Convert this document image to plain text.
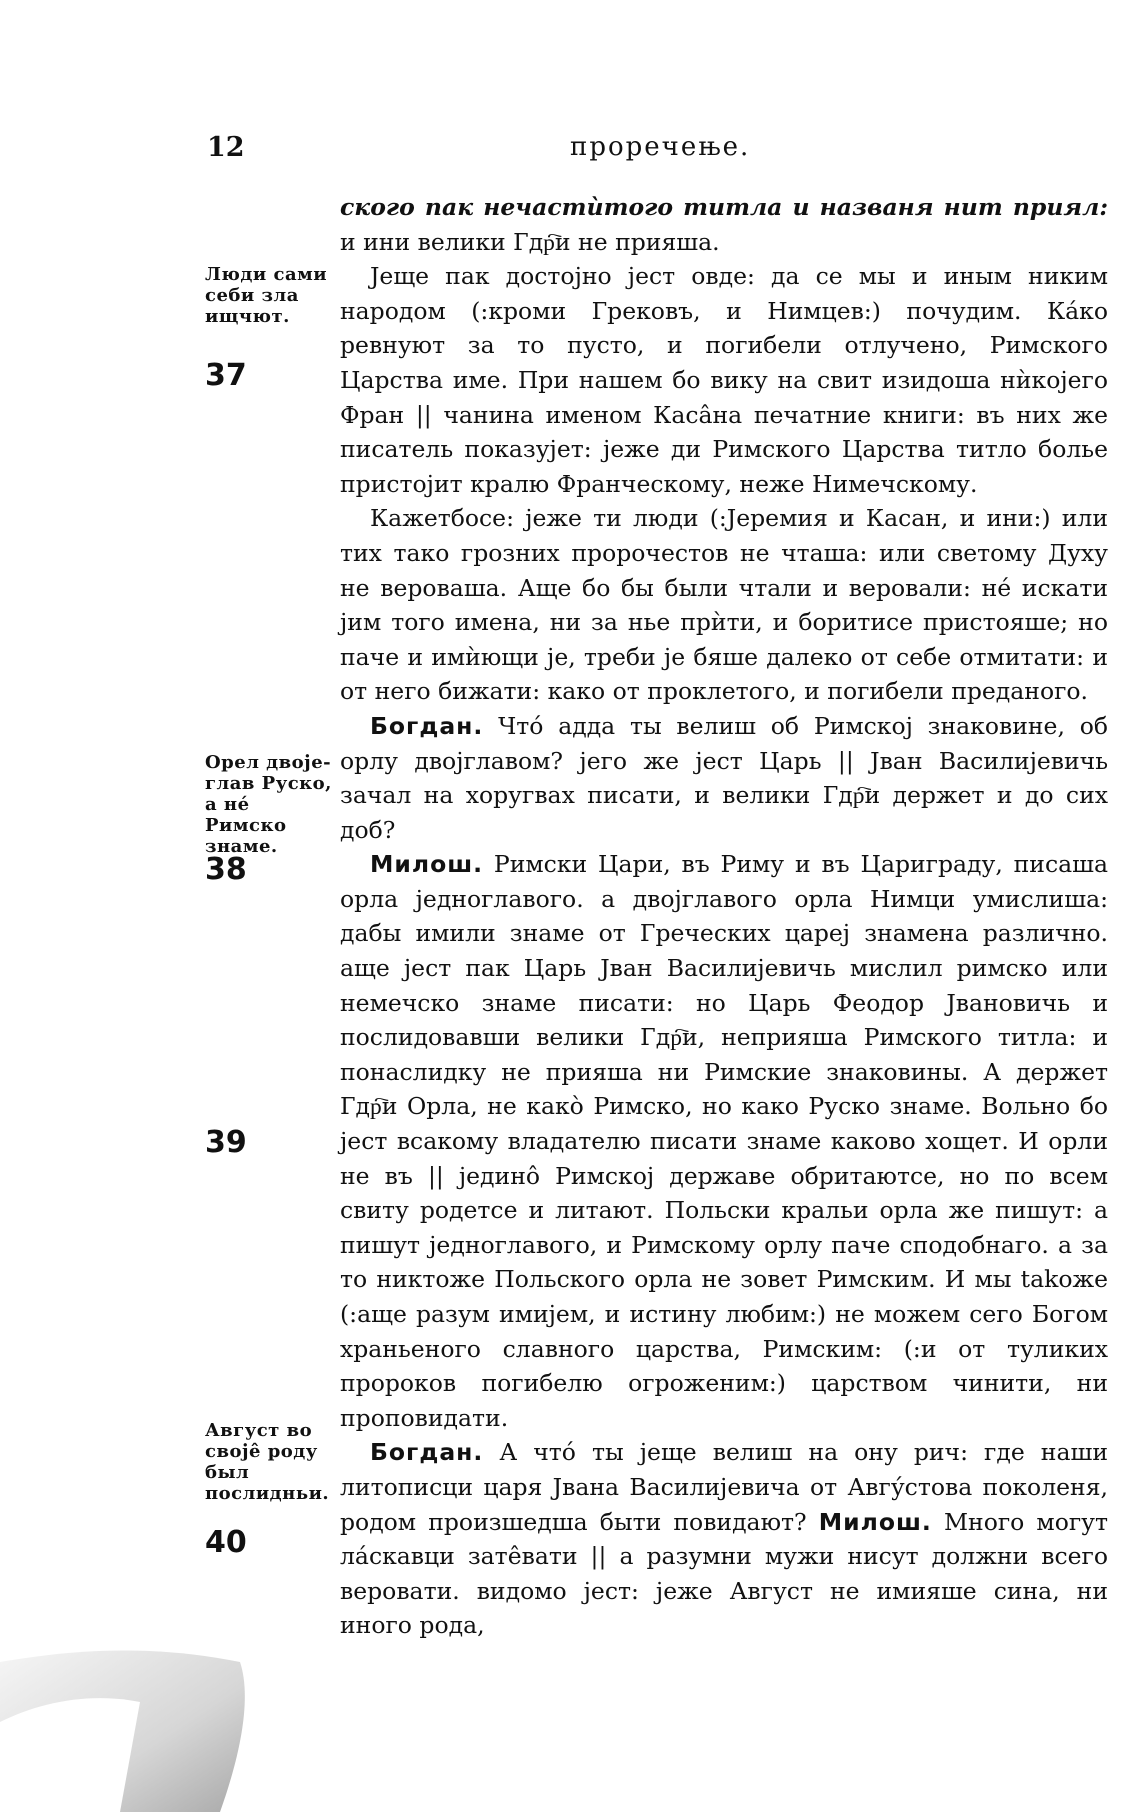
12	проречење.

ского пак нечастѝтого титла и названя нит приял: и ини велики Гдр҇и не прияша.

Јеще пак достојно јест овде: да се мы и иным никим народом (:кроми Грековъ, и Нимцев:) почудим. Ка́ко ревнуют за то пусто, и погибели отлучено, Римского Царства име. При нашем бо вику на свит изидоша нѝкојего Фран || чанина именом Каса̂на печатние книги: въ них же писатель показујет: јеже ди Римского Царства титло болье пристојит кралю Франческому, неже Нимечскому.

Кажетбосе: јеже ти люди (:Јеремия и Касан, и ини:) или тих тако грозних пророчестов не чташа: или светому Духу не вероваша. Аще бо бы были чтали и вероʙали: не́ искати јим того имена, ни за нье прѝти, и боритисе пристояше; но паче и имѝющи је, треби је бяше далеко от себе отмитати: и от него бижати: како от проклетого, и погибели преданого.

Богдан. Что́ адда ты велиш об Римској знаковине, об орлу двојглавом? јего же јест Царь || Јван Василијевичь зачал на хоругвах писати, и велики Гдр҇и держет и до сих доб?

Милош. Римски Цари, въ Риму и въ Цариграду, писаша орла једноглавого. а двојглавого орла Нимци умислиша: дабы имили знаме от Греческих царej знамена различно. аще јест пак Царь Јван Василијевичь мислил римско или немечско знаме писати: но Царь Феодор Јвановичь и послидовавши велики Гдр҇и, неприяша Римского титла: и понаслидку не прияша ни Римские знаковины. А держет Гдр҇и Орла, не како̀ Римско, но како Руско знаме. Вольно бо јест всакому владателю писати знаме каково хощет. И орли не въ || једино̂ Римској державе обритаютсе, но по всем свиту родетсе и литают. Польски кральи орла же пишут: а пишут једноглавого, и Римскому орлу паче сподобнаго. а за то никтоже Польского орла не зовет Римским. И мы takоже (:аще разум имијем, и истину любим:) не можем сего Богом храньеного славного царства, Римским: (:и от туликих пророков погибелю огроженим:) царством чинити, ни проповидати.

Богдан. А что́ ты јеще велиш на ону рич: где наши литописци царя Јвана Василијевича от Авгу́стова поколеня, родом произшедша быти повидают? Милош. Много могут ла́скавци зате̂вати || а разумни мужи нисут должни всего вероʙати. видомо јест: јеже Август не имияше сина, ни иного рода,

Люди сами себи зла ищчют.
Орел двоје-глав Руско, а не́ Римско знаме.
Август во своје̂ роду был послидньи.
37
38
39
40
